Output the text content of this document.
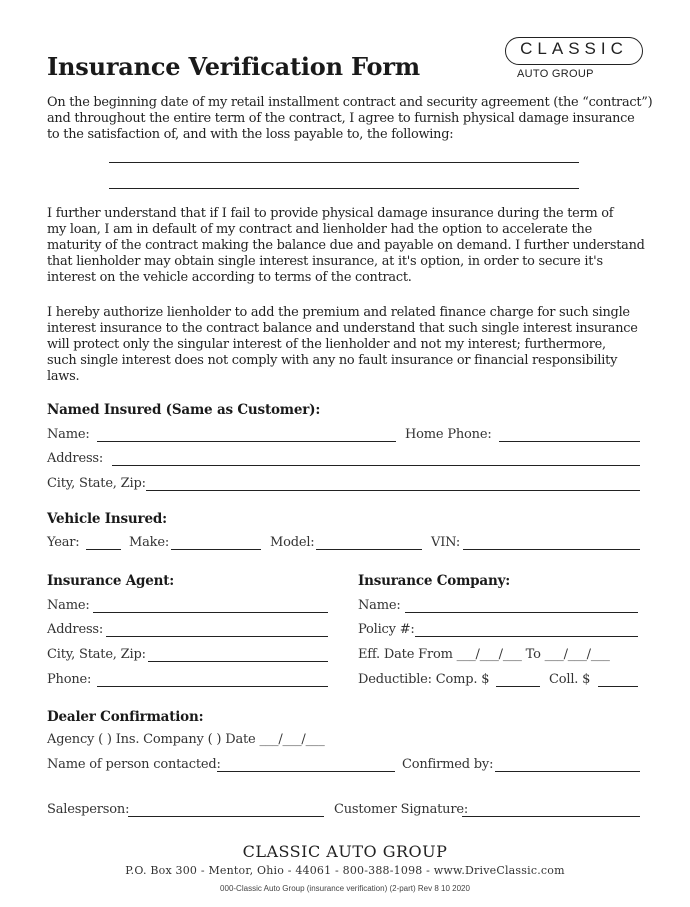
Insurance Verification Form
CLASSIC
AUTO GROUP
On the beginning date of my retail installment contract and security agreement (the “contract”)
and throughout the entire term of the contract, I agree to furnish physical damage insurance
to the satisfaction of, and with the loss payable to, the following:
I further understand that if I fail to provide physical damage insurance during the term of
my loan, I am in default of my contract and lienholder had the option to accelerate the
maturity of the contract making the balance due and payable on demand. I further understand
that lienholder may obtain single interest insurance, at it's option, in order to secure it's
interest on the vehicle according to terms of the contract.
I hereby authorize lienholder to add the premium and related finance charge for such single
interest insurance to the contract balance and understand that such single interest insurance
will protect only the singular interest of the lienholder and not my interest; furthermore,
such single interest does not comply with any no fault insurance or financial responsibility
laws.
Named Insured (Same as Customer):
Name:	Home Phone:
Address:
City, State, Zip:
Vehicle Insured:
Year:	Make:	Model:	VIN:
Insurance Agent:
Name:
Address:
City, State, Zip:
Phone:
Insurance Company:
Name:
Policy #:
Eff. Date From ___/___/___ To ___/___/___
Deductible: Comp. $	Coll. $
Dealer Confirmation:
Agency ( ) Ins. Company ( ) Date ___/___/___
Name of person contacted:	Confirmed by:
Salesperson:	Customer Signature:
CLASSIC AUTO GROUP
P.O. Box 300 - Mentor, Ohio - 44061 - 800-388-1098 - www.DriveClassic.com
000-Classic Auto Group (insurance verification) (2-part) Rev 8 10 2020
